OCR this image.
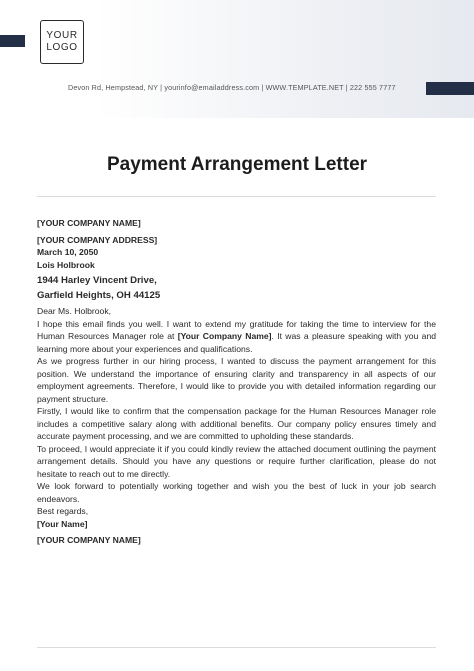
YOUR
LOGO
Devon Rd, Hempstead, NY | yourinfo@emailaddress.com | WWW.TEMPLATE.NET | 222 555 7777
Payment Arrangement Letter

[YOUR COMPANY NAME]

[YOUR COMPANY ADDRESS]

March 10, 2050

Lois Holbrook

1944 Harley Vincent Drive,

Garfield Heights, OH 44125

Dear Ms. Holbrook,

I hope this email finds you well. I want to extend my gratitude for taking the time to interview for the Human Resources Manager role at [Your Company Name]. It was a pleasure speaking with you and learning more about your experiences and qualifications.

As we progress further in our hiring process, I wanted to discuss the payment arrangement for this position. We understand the importance of ensuring clarity and transparency in all aspects of our employment agreements. Therefore, I would like to provide you with detailed information regarding our payment structure.

Firstly, I would like to confirm that the compensation package for the Human Resources Manager role includes a competitive salary along with additional benefits. Our company policy ensures timely and accurate payment processing, and we are committed to upholding these standards.

To proceed, I would appreciate it if you could kindly review the attached document outlining the payment arrangement details. Should you have any questions or require further clarification, please do not hesitate to reach out to me directly.

We look forward to potentially working together and wish you the best of luck in your job search endeavors.

Best regards,

[Your Name]

[YOUR COMPANY NAME]
